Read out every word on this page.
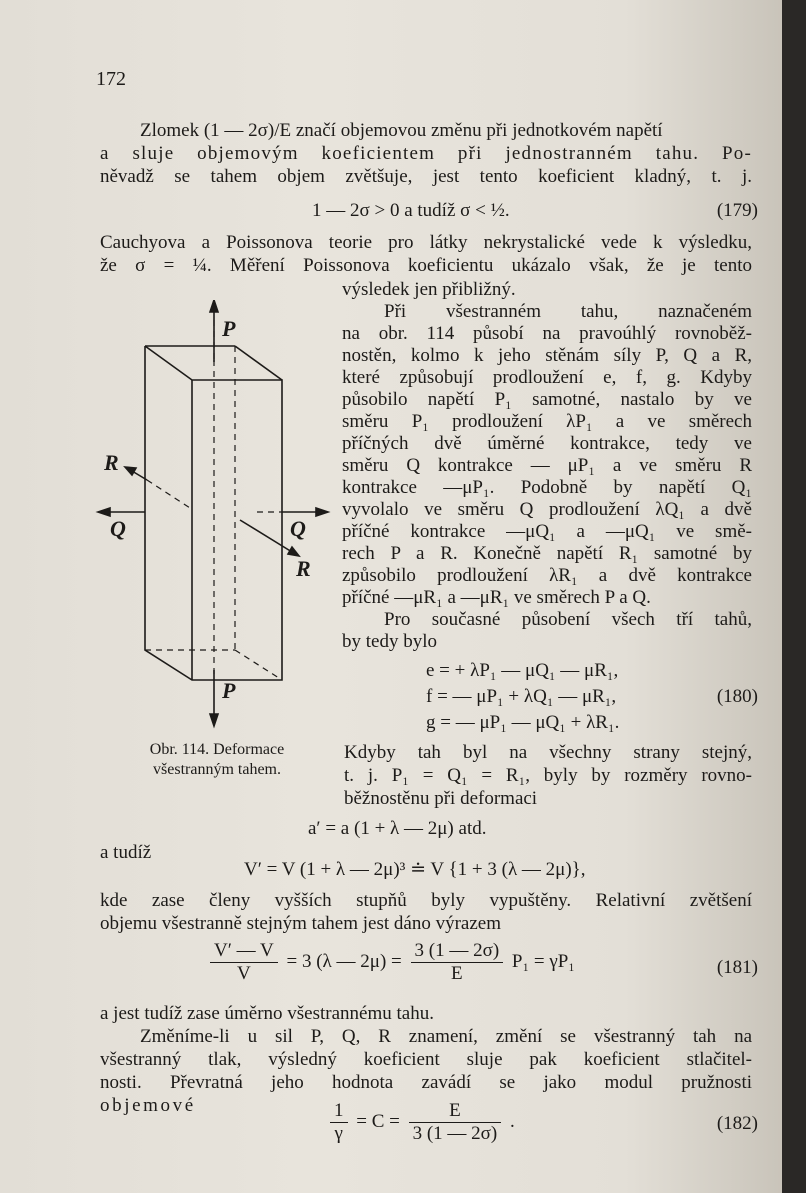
172
Zlomek (1 — 2σ)/E značí objemovou změnu při jednotkovém napětí
a sluje objemovým koeficientem při jednostranném tahu. Po-
něvadž se tahem objem zvětšuje, jest tento koeficient kladný, t. j.
1 — 2σ > 0 a tudíž σ < ½.	(179)
Cauchyova a Poissonova teorie pro látky nekrystalické vede k výsledku,
že σ = ¼. Měření Poissonova koeficientu ukázalo však, že je tento
výsledek jen přibližný.
Při všestranném tahu, naznačeném
na obr. 114 působí na pravoúhlý rovnoběž-
nostěn, kolmo k jeho stěnám síly P, Q a R,
které způsobují prodloužení e, f, g. Kdyby
působilo napětí P₁ samotné, nastalo by ve
směru P₁ prodloužení λP₁ a ve směrech
příčných dvě úměrné kontrakce, tedy ve
směru Q kontrakce — μP₁ a ve směru R
kontrakce —μP₁. Podobně by napětí Q₁
vyvolalo ve směru Q prodloužení λQ₁ a dvě
příčné kontrakce —μQ₁ a —μQ₁ ve smě-
rech P a R. Konečně napětí R₁ samotné by
způsobilo prodloužení λR₁ a dvě kontrakce
příčné —μR₁ a —μR₁ ve směrech P a Q.
Pro současné působení všech tří tahů,
by tedy bylo
P
P
Q	Q
R
R
Obr. 114. Deformace
všestranným tahem.
e = + λP₁ — μQ₁ — μR₁,
f = — μP₁ + λQ₁ — μR₁,
g = — μP₁ — μQ₁ + λR₁.
(180)
Kdyby tah byl na všechny strany stejný,
t. j. P₁ = Q₁ = R₁, byly by rozměry rovno-
běžnostěnu při deformaci
a′ = a (1 + λ — 2μ) atd.
a tudíž
V′ = V (1 + λ — 2μ)³ ≐ V {1 + 3 (λ — 2μ)},
kde zase členy vyšších stupňů byly vypuštěny. Relativní zvětšení
objemu všestranně stejným tahem jest dáno výrazem
$\frac{V' — V}{V} = 3$ (λ — $2\mu) = \frac{3 (1 — 2\sigma)}{E} P_1 = \gamma P_1$	(181)
a jest tudíž zase úměrno všestrannému tahu.
Změníme-li u sil P, Q, R znamení, změní se všestranný tah na
všestranný tlak, výsledný koeficient sluje pak koeficient stlačitel-
nosti. Převratná jeho hodnota zavádí se jako modul pružnosti
objemové	$\frac{1}{\gamma} = C = \frac{E}{3 (1 — 2\sigma)}$ .	(182)
